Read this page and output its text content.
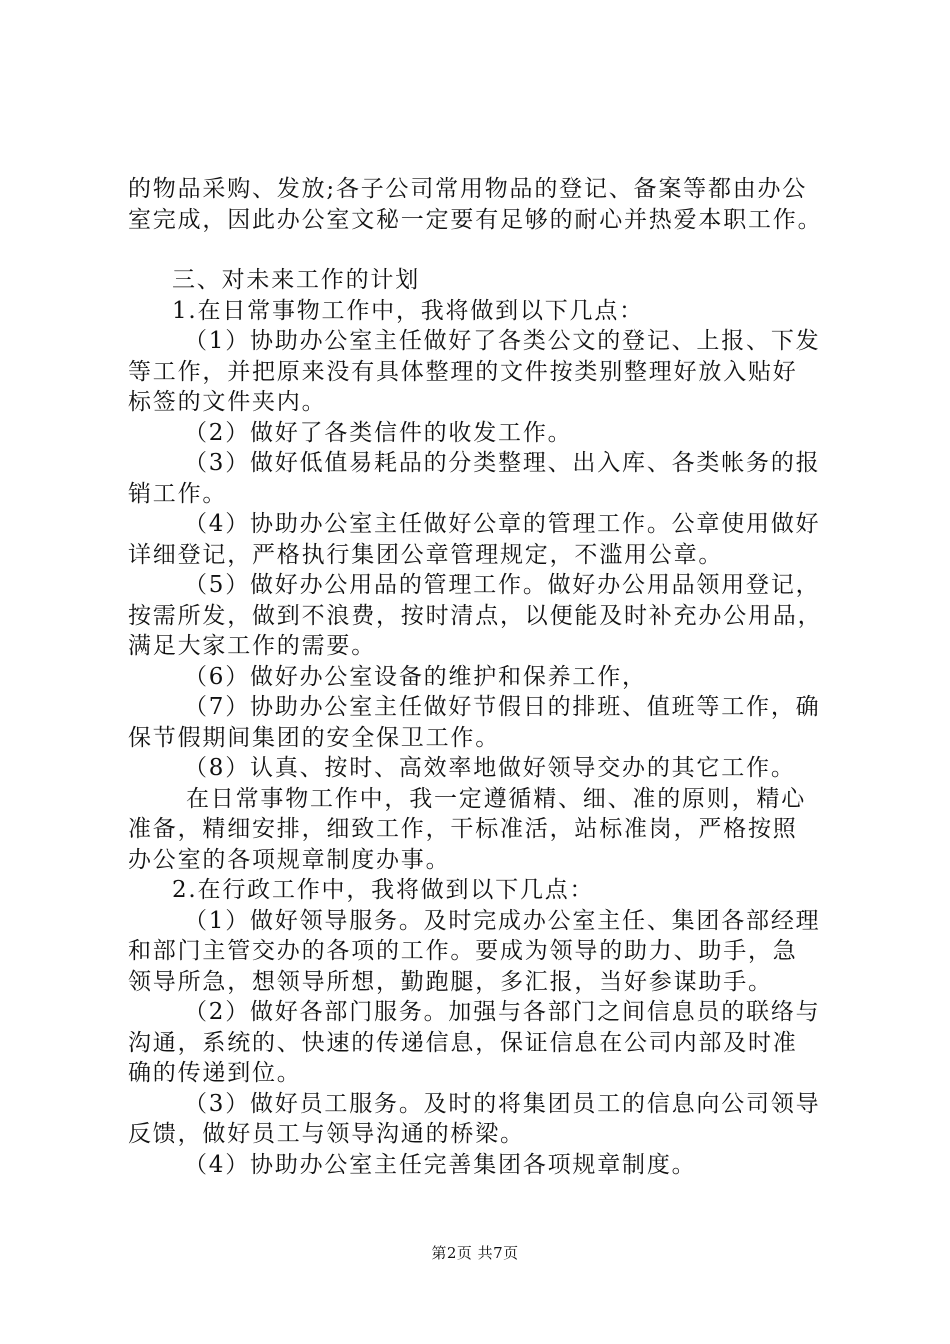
的物品采购、发放;各子公司常用物品的登记、备案等都由办公
室完成，因此办公室文秘一定要有足够的耐心并热爱本职工作。
三、对未来工作的计划
1.在日常事物工作中，我将做到以下几点：
（1）协助办公室主任做好了各类公文的登记、上报、下发
等工作，并把原来没有具体整理的文件按类别整理好放入贴好
标签的文件夹内。
（2）做好了各类信件的收发工作。
（3）做好低值易耗品的分类整理、出入库、各类帐务的报
销工作。
（4）协助办公室主任做好公章的管理工作。公章使用做好
详细登记，严格执行集团公章管理规定，不滥用公章。
（5）做好办公用品的管理工作。做好办公用品领用登记，
按需所发，做到不浪费，按时清点，以便能及时补充办公用品，
满足大家工作的需要。
（6）做好办公室设备的维护和保养工作，
（7）协助办公室主任做好节假日的排班、值班等工作，确
保节假期间集团的安全保卫工作。
（8）认真、按时、高效率地做好领导交办的其它工作。
在日常事物工作中，我一定遵循精、细、准的原则，精心
准备，精细安排，细致工作，干标准活，站标准岗，严格按照
办公室的各项规章制度办事。
2.在行政工作中，我将做到以下几点：
（1）做好领导服务。及时完成办公室主任、集团各部经理
和部门主管交办的各项的工作。要成为领导的助力、助手，急
领导所急，想领导所想，勤跑腿，多汇报，当好参谋助手。
（2）做好各部门服务。加强与各部门之间信息员的联络与
沟通，系统的、快速的传递信息，保证信息在公司内部及时准
确的传递到位。
（3）做好员工服务。及时的将集团员工的信息向公司领导
反馈，做好员工与领导沟通的桥梁。
（4）协助办公室主任完善集团各项规章制度。
第2页 共7页
